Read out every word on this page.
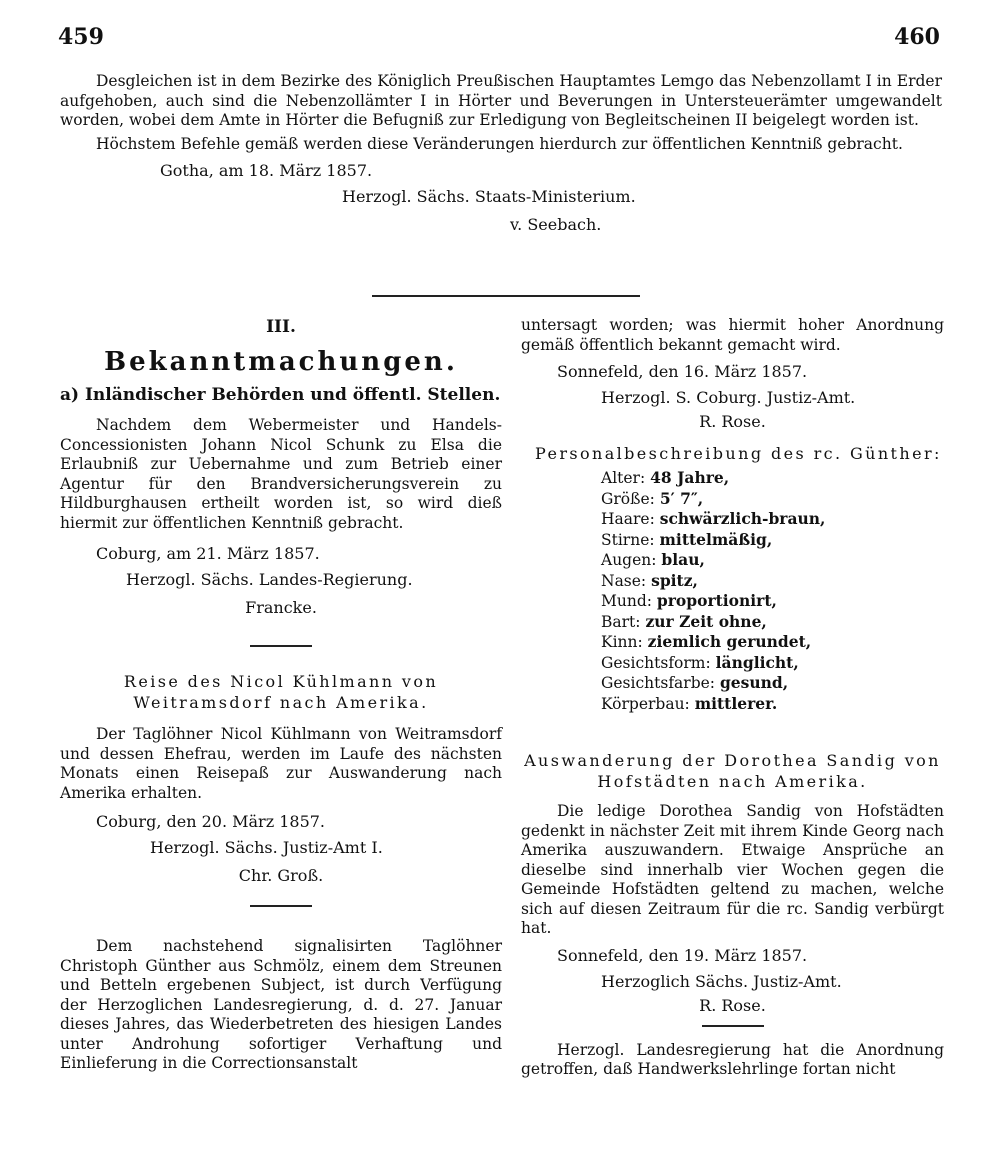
459	460

Desgleichen ist in dem Bezirke des Königlich Preußischen Hauptamtes Lemgo das Nebenzollamt I in Erder aufgehoben, auch sind die Nebenzollämter I in Hörter und Beverungen in Untersteuerämter umgewandelt worden, wobei dem Amte in Hörter die Befugniß zur Erledigung von Begleitscheinen II beigelegt worden ist.

Höchstem Befehle gemäß werden diese Veränderungen hierdurch zur öffentlichen Kenntniß gebracht.

Gotha, am 18. März 1857.

Herzogl. Sächs. Staats-Ministerium.

v. Seebach.

III.

Bekanntmachungen.

a) Inländischer Behörden und öffentl. Stellen.

Nachdem dem Webermeister und Handels-Concessionisten Johann Nicol Schunk zu Elsa die Erlaubniß zur Uebernahme und zum Betrieb einer Agentur für den Brandversicherungsverein zu Hildburghausen ertheilt worden ist, so wird dieß hiermit zur öffentlichen Kenntniß gebracht.

Coburg, am 21. März 1857.

Herzogl. Sächs. Landes-Regierung.

Francke.

Reise des Nicol Kühlmann von Weitramsdorf nach Amerika.

Der Taglöhner Nicol Kühlmann von Weitramsdorf und dessen Ehefrau, werden im Laufe des nächsten Monats einen Reisepaß zur Auswanderung nach Amerika erhalten.

Coburg, den 20. März 1857.

Herzogl. Sächs. Justiz-Amt I.

Chr. Groß.

Dem nachstehend signalisirten Taglöhner Christoph Günther aus Schmölz, einem dem Streunen und Betteln ergebenen Subject, ist durch Verfügung der Herzoglichen Landesregierung, d. d. 27. Januar dieses Jahres, das Wiederbetreten des hiesigen Landes unter Androhung sofortiger Verhaftung und Einlieferung in die Correctionsanstalt

untersagt worden; was hiermit hoher Anordnung gemäß öffentlich bekannt gemacht wird.

Sonnefeld, den 16. März 1857.

Herzogl. S. Coburg. Justiz-Amt.

R. Rose.

Personalbeschreibung des rc. Günther:

Alter: 48 Jahre,
Größe: 5′ 7″,
Haare: schwärzlich-braun,
Stirne: mittelmäßig,
Augen: blau,
Nase: spitz,
Mund: proportionirt,
Bart: zur Zeit ohne,
Kinn: ziemlich gerundet,
Gesichtsform: länglicht,
Gesichtsfarbe: gesund,
Körperbau: mittlerer.

Auswanderung der Dorothea Sandig von Hofstädten nach Amerika.

Die ledige Dorothea Sandig von Hofstädten gedenkt in nächster Zeit mit ihrem Kinde Georg nach Amerika auszuwandern. Etwaige Ansprüche an dieselbe sind innerhalb vier Wochen gegen die Gemeinde Hofstädten geltend zu machen, welche sich auf diesen Zeitraum für die rc. Sandig verbürgt hat.

Sonnefeld, den 19. März 1857.

Herzoglich Sächs. Justiz-Amt.

R. Rose.

Herzogl. Landesregierung hat die Anordnung getroffen, daß Handwerkslehrlinge fortan nicht
